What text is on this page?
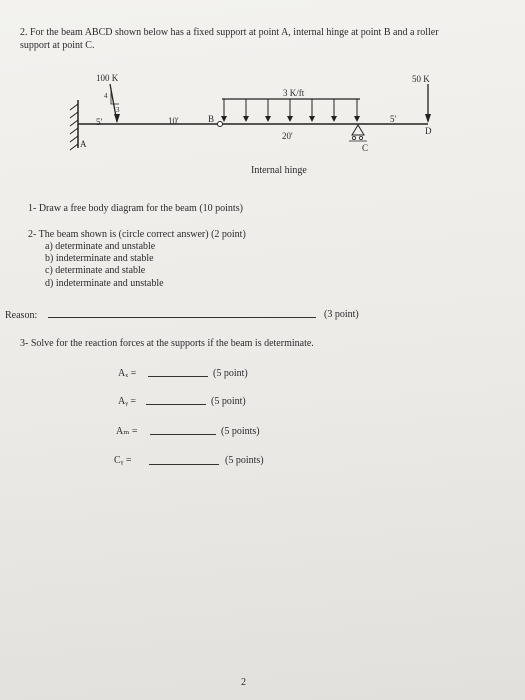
2. For the beam ABCD shown below has a fixed support at point A, internal hinge at point B and a roller
support at point C.
100 K
4
3
50 K
3 K/ft
5'	10'
20'
5'
A
B
C
D
Internal hinge
1- Draw a free body diagram for the beam (10 points)
2- The beam shown is (circle correct answer) (2 point)
a) determinate and unstable
b) indeterminate and stable
c) determinate and stable
d) indeterminate and unstable
Reason:	(3 point)
3- Solve for the reaction forces at the supports if the beam is determinate.
Aₓ =	(5 point)
Aᵧ =	(5 point)
Aₘ =	(5 points)
Cᵧ =	(5 points)
2
